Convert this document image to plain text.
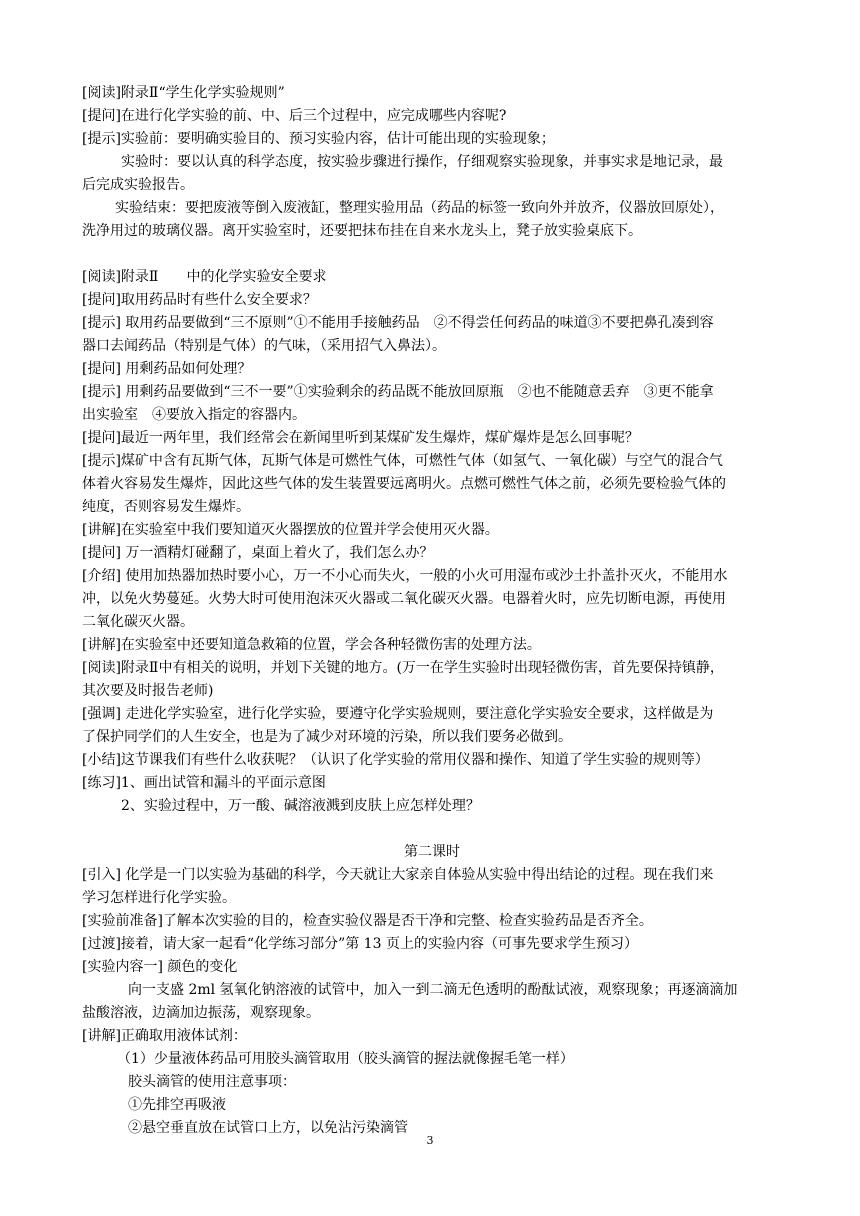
[阅读]附录Ⅱ“学生化学实验规则”
[提问]在进行化学实验的前、中、后三个过程中，应完成哪些内容呢?
[提示]实验前：要明确实验目的、预习实验内容，估计可能出现的实验现象；
实验时：要以认真的科学态度，按实验步骤进行操作，仔细观察实验现象，并事实求是地记录，最
后完成实验报告。
实验结束：要把废液等倒入废液缸，整理实验用品（药品的标签一致向外并放齐，仪器放回原处），
洗净用过的玻璃仪器。离开实验室时，还要把抹布挂在自来水龙头上，凳子放实验桌底下。
[阅读]附录Ⅱ　　中的化学实验安全要求
[提问]取用药品时有些什么安全要求？
[提示] 取用药品要做到“三不原则”①不能用手接触药品　②不得尝任何药品的味道③不要把鼻孔凑到容
器口去闻药品（特别是气体）的气味，（采用招气入鼻法）。
[提问] 用剩药品如何处理？
[提示] 用剩药品要做到“三不一要”①实验剩余的药品既不能放回原瓶　②也不能随意丢弃　③更不能拿
出实验室　④要放入指定的容器内。
[提问]最近一两年里，我们经常会在新闻里听到某煤矿发生爆炸，煤矿爆炸是怎么回事呢？
[提示]煤矿中含有瓦斯气体，瓦斯气体是可燃性气体，可燃性气体（如氢气、一氧化碳）与空气的混合气
体着火容易发生爆炸，因此这些气体的发生装置要远离明火。点燃可燃性气体之前，必须先要检验气体的
纯度，否则容易发生爆炸。
[讲解]在实验室中我们要知道灭火器摆放的位置并学会使用灭火器。
[提问] 万一酒精灯碰翻了，桌面上着火了，我们怎么办？
[介绍] 使用加热器加热时要小心，万一不小心而失火，一般的小火可用湿布或沙土扑盖扑灭火，不能用水
冲，以免火势蔓延。火势大时可使用泡沫灭火器或二氧化碳灭火器。电器着火时，应先切断电源，再使用
二氧化碳灭火器。
[讲解]在实验室中还要知道急救箱的位置，学会各种轻微伤害的处理方法。
[阅读]附录Ⅱ中有相关的说明，并划下关键的地方。(万一在学生实验时出现轻微伤害，首先要保持镇静，
其次要及时报告老师)
[强调] 走进化学实验室，进行化学实验，要遵守化学实验规则，要注意化学实验安全要求，这样做是为
了保护同学们的人生安全，也是为了减少对环境的污染，所以我们要务必做到。
[小结]这节课我们有些什么收获呢？（认识了化学实验的常用仪器和操作、知道了学生实验的规则等）
[练习]1、画出试管和漏斗的平面示意图
2、实验过程中，万一酸、碱溶液溅到皮肤上应怎样处理？
第二课时
[引入] 化学是一门以实验为基础的科学，今天就让大家亲自体验从实验中得出结论的过程。现在我们来
学习怎样进行化学实验。
[实验前准备]了解本次实验的目的，检查实验仪器是否干净和完整、检查实验药品是否齐全。
[过渡]接着，请大家一起看“化学练习部分”第 13 页上的实验内容（可事先要求学生预习）
[实验内容一] 颜色的变化
向一支盛 2ml 氢氧化钠溶液的试管中，加入一到二滴无色透明的酚酞试液，观察现象；再逐滴滴加
盐酸溶液，边滴加边振荡，观察现象。
[讲解]正确取用液体试剂：
（1）少量液体药品可用胶头滴管取用（胶头滴管的握法就像握毛笔一样）
胶头滴管的使用注意事项：
①先排空再吸液
②悬空垂直放在试管口上方，以免沾污染滴管
3
